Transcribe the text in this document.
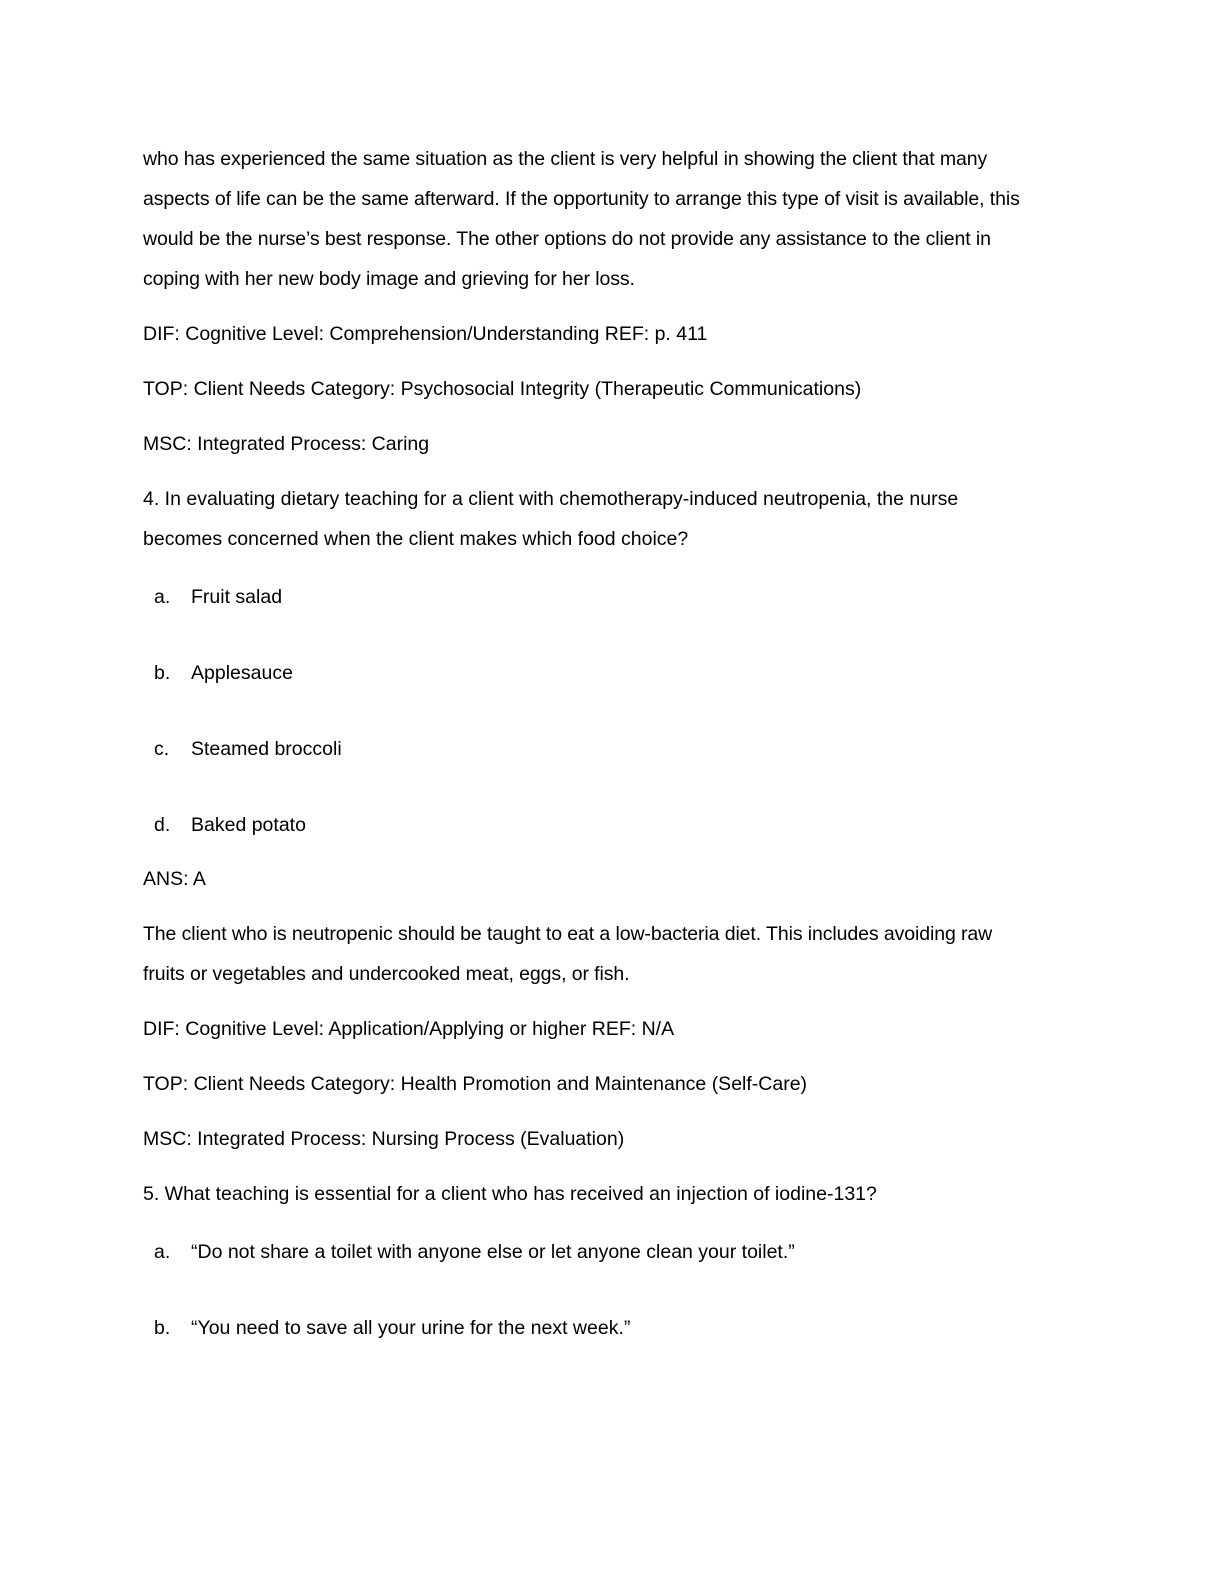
who has experienced the same situation as the client is very helpful in showing the client that many
aspects of life can be the same afterward. If the opportunity to arrange this type of visit is available, this
would be the nurse’s best response. The other options do not provide any assistance to the client in
coping with her new body image and grieving for her loss.
DIF: Cognitive Level: Comprehension/Understanding REF: p. 411
TOP: Client Needs Category: Psychosocial Integrity (Therapeutic Communications)
MSC: Integrated Process: Caring
4. In evaluating dietary teaching for a client with chemotherapy-induced neutropenia, the nurse
becomes concerned when the client makes which food choice?
a. Fruit salad
b. Applesauce
c. Steamed broccoli
d. Baked potato
ANS: A
The client who is neutropenic should be taught to eat a low-bacteria diet. This includes avoiding raw
fruits or vegetables and undercooked meat, eggs, or fish.
DIF: Cognitive Level: Application/Applying or higher REF: N/A
TOP: Client Needs Category: Health Promotion and Maintenance (Self-Care)
MSC: Integrated Process: Nursing Process (Evaluation)
5. What teaching is essential for a client who has received an injection of iodine-131?
a. “Do not share a toilet with anyone else or let anyone clean your toilet.”
b. “You need to save all your urine for the next week.”
